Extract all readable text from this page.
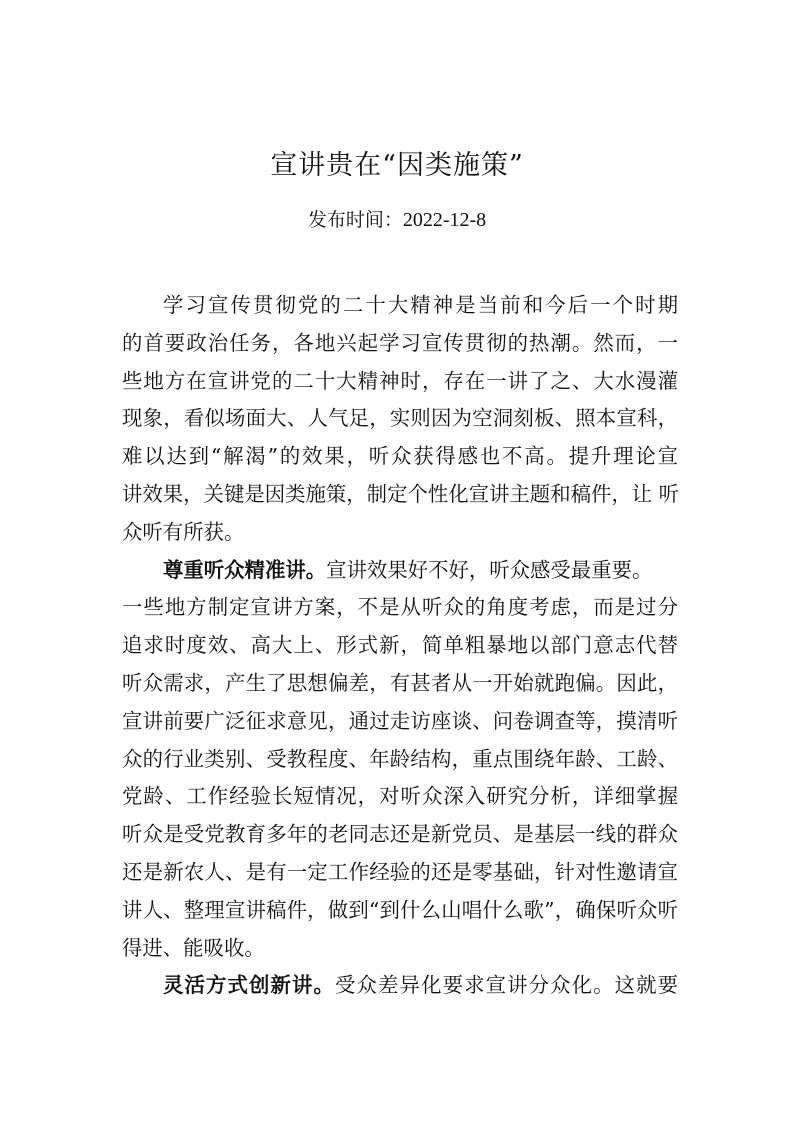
宣讲贵在“因类施策”
发布时间：2022-12-8
学习宣传贯彻党的二十大精神是当前和今后一个时期
的首要政治任务，各地兴起学习宣传贯彻的热潮。然而，一
些地方在宣讲党的二十大精神时，存在一讲了之、大水漫灌
现象，看似场面大、人气足，实则因为空洞刻板、照本宣科，
难以达到“解渴”的效果，听众获得感也不高。提升理论宣
讲效果，关键是因类施策，制定个性化宣讲主题和稿件，让 听
众听有所获。
尊重听众精准讲。宣讲效果好不好，听众感受最重要。
一些地方制定宣讲方案，不是从听众的角度考虑，而是过分
追求时度效、高大上、形式新，简单粗暴地以部门意志代替
听众需求，产生了思想偏差，有甚者从一开始就跑偏。因此，
宣讲前要广泛征求意见，通过走访座谈、问卷调查等，摸清听
众的行业类别、受教程度、年龄结构，重点围绕年龄、工龄、
党龄、工作经验长短情况，对听众深入研究分析，详细掌握
听众是受党教育多年的老同志还是新党员、是基层一线的群众
还是新农人、是有一定工作经验的还是零基础，针对性邀请宣
讲人、整理宣讲稿件，做到“到什么山唱什么歌”，确保听众听
得进、能吸收。
灵活方式创新讲。受众差异化要求宣讲分众化。这就要
